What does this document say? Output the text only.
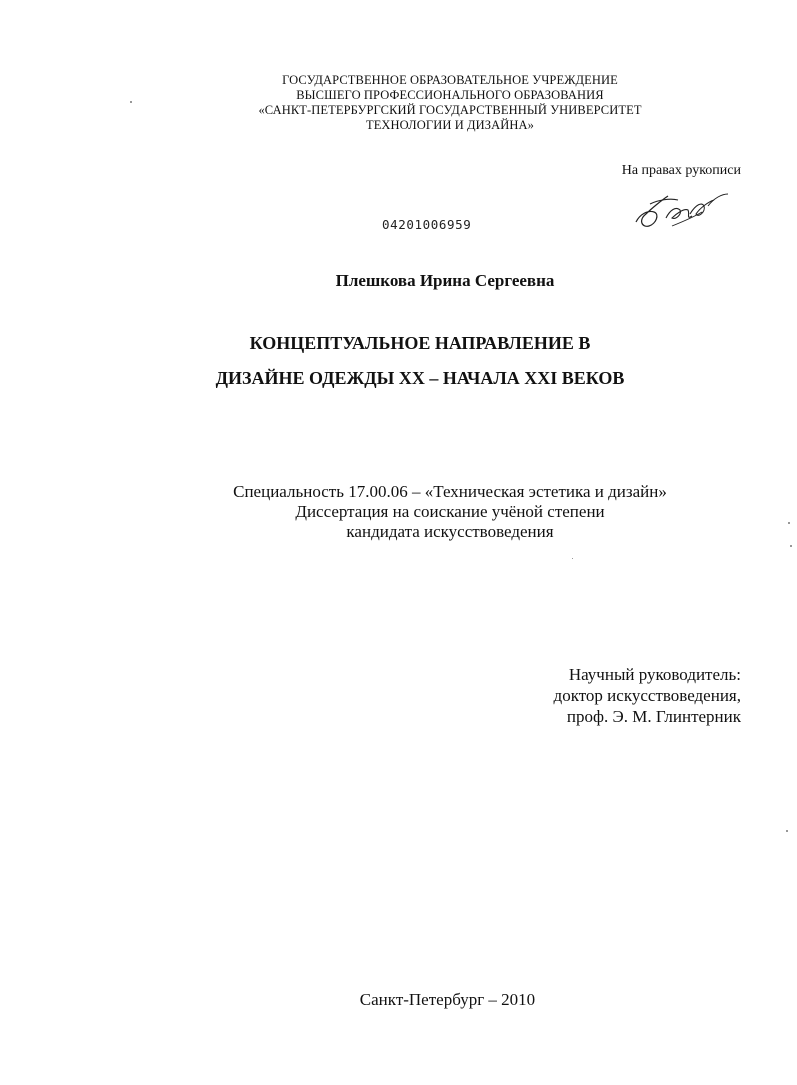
ГОСУДАРСТВЕННОЕ ОБРАЗОВАТЕЛЬНОЕ УЧРЕЖДЕНИЕ
ВЫСШЕГО ПРОФЕССИОНАЛЬНОГО ОБРАЗОВАНИЯ
«САНКТ-ПЕТЕРБУРГСКИЙ ГОСУДАРСТВЕННЫЙ УНИВЕРСИТЕТ
ТЕХНОЛОГИИ И ДИЗАЙНА»
На правах рукописи
04201006959
Плешкова Ирина Сергеевна
КОНЦЕПТУАЛЬНОЕ НАПРАВЛЕНИЕ В
ДИЗАЙНЕ ОДЕЖДЫ ХХ – НАЧАЛА ХХI ВЕКОВ
Специальность 17.00.06 – «Техническая эстетика и дизайн»
Диссертация на соискание учёной степени
кандидата искусствоведения
Научный руководитель:
доктор искусствоведения,
проф. Э. М. Глинтерник
Санкт-Петербург – 2010
